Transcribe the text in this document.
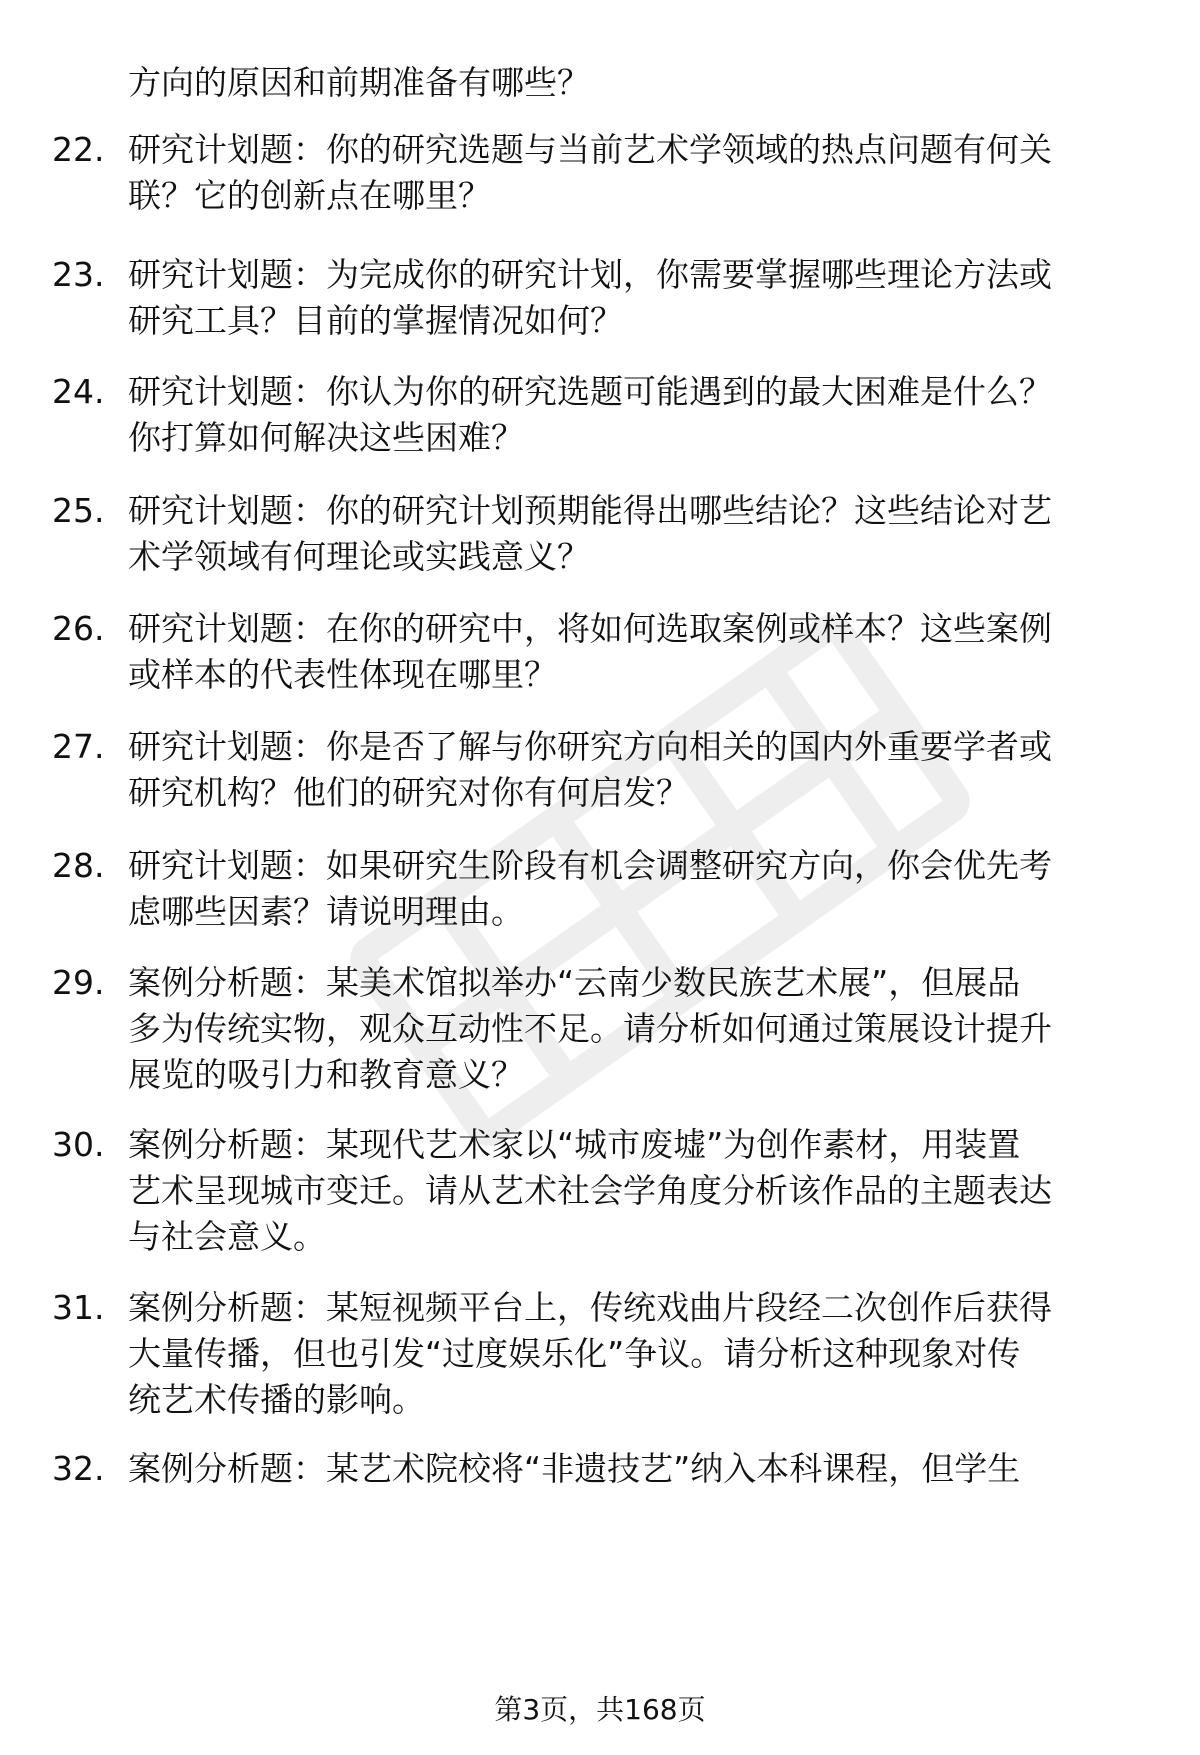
方向的原因和前期准备有哪些？
22. 研究计划题：你的研究选题与当前艺术学领域的热点问题有何关
联？它的创新点在哪里？
23. 研究计划题：为完成你的研究计划，你需要掌握哪些理论方法或
研究工具？目前的掌握情况如何？
24. 研究计划题：你认为你的研究选题可能遇到的最大困难是什么？
你打算如何解决这些困难？
25. 研究计划题：你的研究计划预期能得出哪些结论？这些结论对艺
术学领域有何理论或实践意义？
26. 研究计划题：在你的研究中，将如何选取案例或样本？这些案例
或样本的代表性体现在哪里？
27. 研究计划题：你是否了解与你研究方向相关的国内外重要学者或
研究机构？他们的研究对你有何启发？
28. 研究计划题：如果研究生阶段有机会调整研究方向，你会优先考
虑哪些因素？请说明理由。
29. 案例分析题：某美术馆拟举办“云南少数民族艺术展”，但展品
多为传统实物，观众互动性不足。请分析如何通过策展设计提升
展览的吸引力和教育意义？
30. 案例分析题：某现代艺术家以“城市废墟”为创作素材，用装置
艺术呈现城市变迁。请从艺术社会学角度分析该作品的主题表达
与社会意义。
31. 案例分析题：某短视频平台上，传统戏曲片段经二次创作后获得
大量传播，但也引发“过度娱乐化”争议。请分析这种现象对传
统艺术传播的影响。
32. 案例分析题：某艺术院校将“非遗技艺”纳入本科课程，但学生
第3页，共168页
